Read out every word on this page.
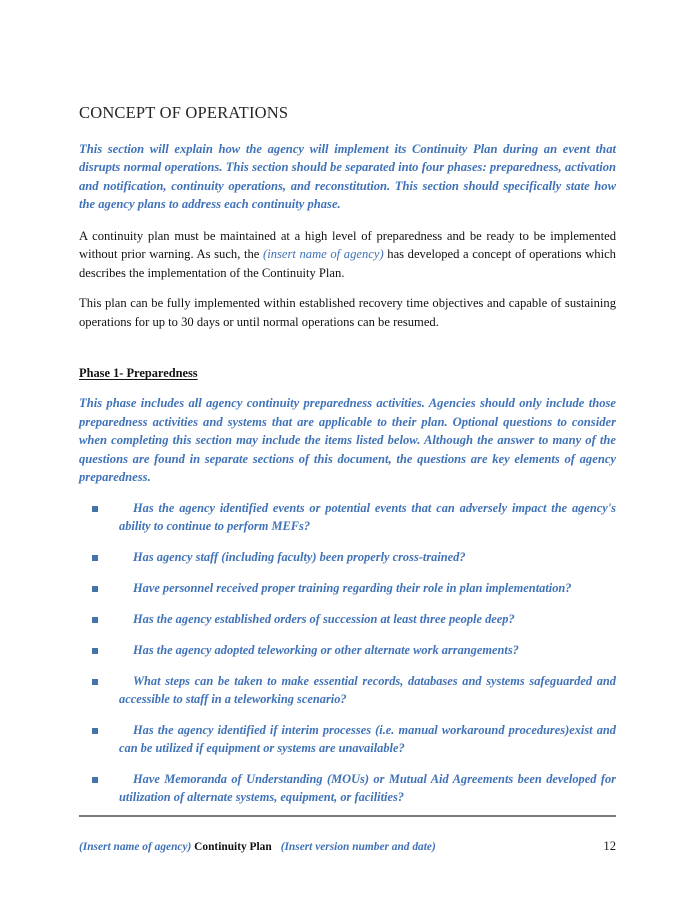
CONCEPT OF OPERATIONS

This section will explain how the agency will implement its Continuity Plan during an event that disrupts normal operations. This section should be separated into four phases: preparedness, activation and notification, continuity operations, and reconstitution. This section should specifically state how the agency plans to address each continuity phase.

A continuity plan must be maintained at a high level of preparedness and be ready to be implemented without prior warning. As such, the (insert name of agency) has developed a concept of operations which describes the implementation of the Continuity Plan.

This plan can be fully implemented within established recovery time objectives and capable of sustaining operations for up to 30 days or until normal operations can be resumed.

Phase 1- Preparedness

This phase includes all agency continuity preparedness activities. Agencies should only include those preparedness activities and systems that are applicable to their plan. Optional questions to consider when completing this section may include the items listed below. Although the answer to many of the questions are found in separate sections of this document, the questions are key elements of agency preparedness.

Has the agency identified events or potential events that can adversely impact the agency's ability to continue to perform MEFs?
Has agency staff (including faculty) been properly cross-trained?
Have personnel received proper training regarding their role in plan implementation?
Has the agency established orders of succession at least three people deep?
Has the agency adopted teleworking or other alternate work arrangements?
What steps can be taken to make essential records, databases and systems safeguarded and accessible to staff in a teleworking scenario?
Has the agency identified if interim processes (i.e. manual workaround procedures)exist and can be utilized if equipment or systems are unavailable?
Have Memoranda of Understanding (MOUs) or Mutual Aid Agreements been developed for utilization of alternate systems, equipment, or facilities?
(Insert name of agency) Continuity Plan (Insert version number and date)	12
